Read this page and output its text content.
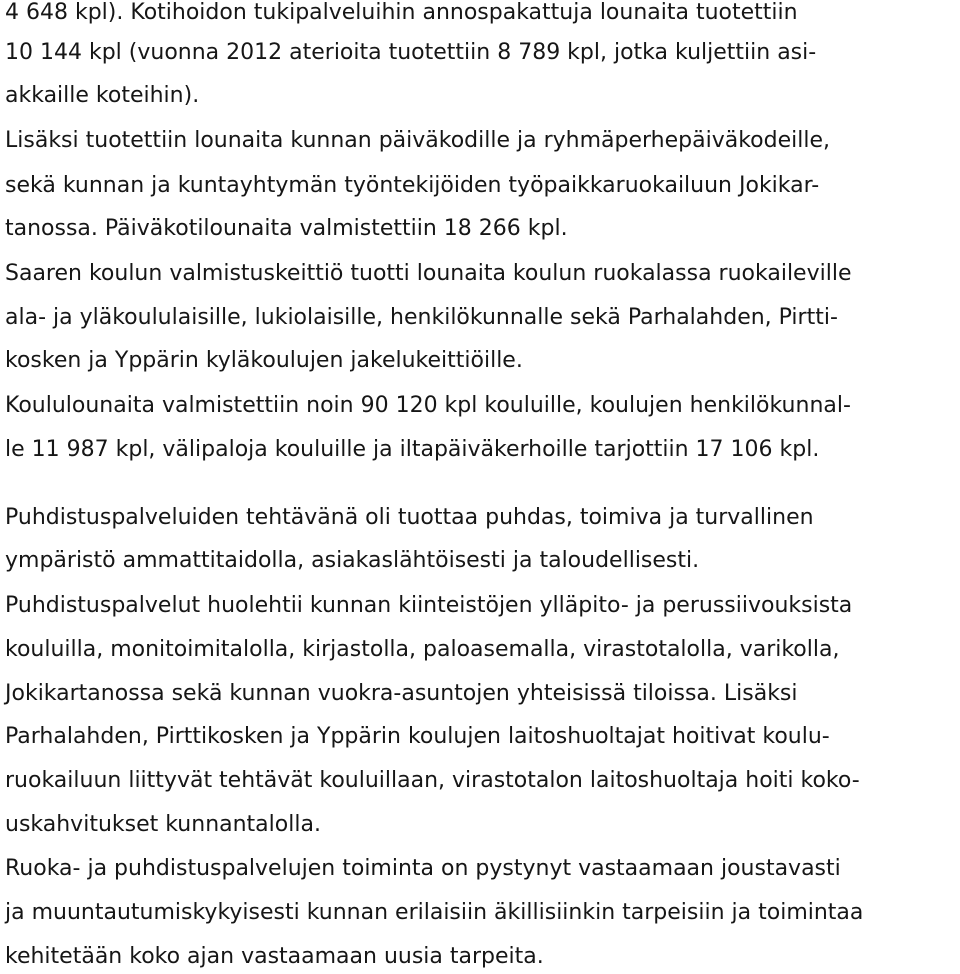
4 648 kpl). Kotihoidon tukipalveluihin annospakattuja lounaita tuotettiin

10 144 kpl (vuonna 2012 aterioita tuotettiin 8 789 kpl, jotka kuljettiin asi-

akkaille koteihin).

Lisäksi tuotettiin lounaita kunnan päiväkodille ja ryhmäperhepäiväkodeille,

sekä kunnan ja kuntayhtymän työntekijöiden työpaikkaruokailuun Jokikar-

tanossa. Päiväkotilounaita valmistettiin 18 266 kpl.

Saaren koulun valmistuskeittiö tuotti lounaita koulun ruokalassa ruokaileville

ala- ja yläkoululaisille, lukiolaisille, henkilökunnalle sekä Parhalahden, Pirtti-

kosken ja Yppärin kyläkoulujen jakelukeittiöille.

Koululounaita valmistettiin noin 90 120 kpl kouluille, koulujen henkilökunnal-

le 11 987 kpl, välipaloja kouluille ja iltapäiväkerhoille tarjottiin 17 106 kpl.

Puhdistuspalveluiden tehtävänä oli tuottaa puhdas, toimiva ja turvallinen

ympäristö ammattitaidolla, asiakaslähtöisesti ja taloudellisesti.

Puhdistuspalvelut huolehtii kunnan kiinteistöjen ylläpito- ja perussiivouksista

kouluilla, monitoimitalolla, kirjastolla, paloasemalla, virastotalolla, varikolla,

Jokikartanossa sekä kunnan vuokra-asuntojen yhteisissä tiloissa. Lisäksi

Parhalahden, Pirttikosken ja Yppärin koulujen laitoshuoltajat hoitivat koulu-

ruokailuun liittyvät tehtävät kouluillaan, virastotalon laitoshuoltaja hoiti koko-

uskahvitukset kunnantalolla.

Ruoka- ja puhdistuspalvelujen toiminta on pystynyt vastaamaan joustavasti

ja muuntautumiskykyisesti kunnan erilaisiin äkillisiinkin tarpeisiin ja toimintaa

kehitetään koko ajan vastaamaan uusia tarpeita.
